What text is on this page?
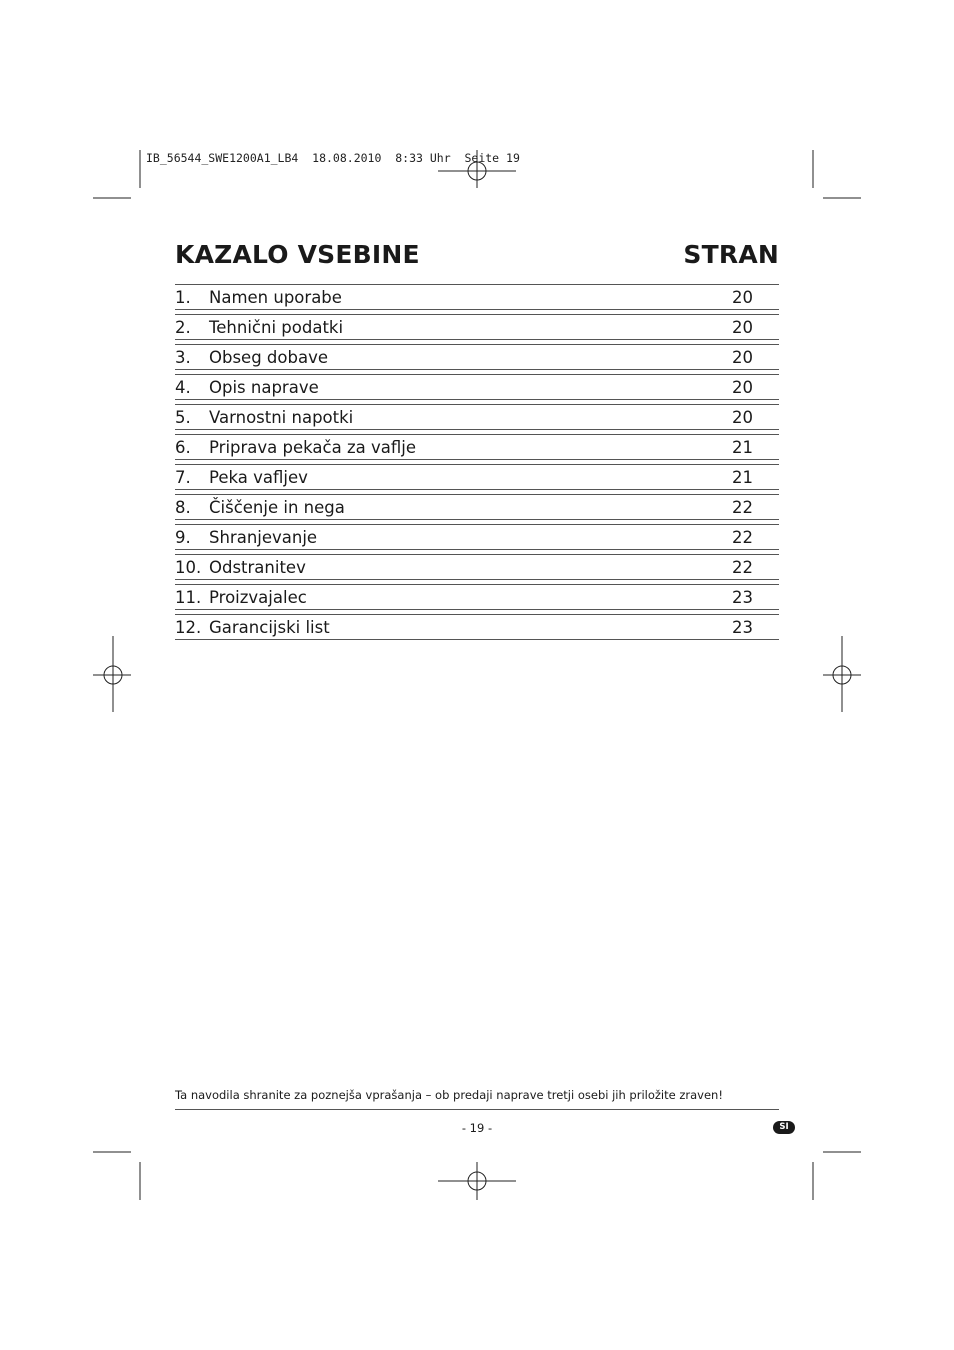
IB_56544_SWE1200A1_LB4  18.08.2010  8:33 Uhr  Seite 19
KAZALO VSEBINE	STRAN
1. Namen uporabe	20
2. Tehnični podatki	20
3. Obseg dobave	20
4. Opis naprave	20
5. Varnostni napotki	20
6. Priprava pekača za vaflje	21
7. Peka vafljev	21
8. Čiščenje in nega	22
9. Shranjevanje	22
10. Odstranitev	22
11. Proizvajalec	23
12. Garancijski list	23
Ta navodila shranite za poznejša vprašanja – ob predaji naprave tretji osebi jih priložite zraven!
- 19 -	SI
